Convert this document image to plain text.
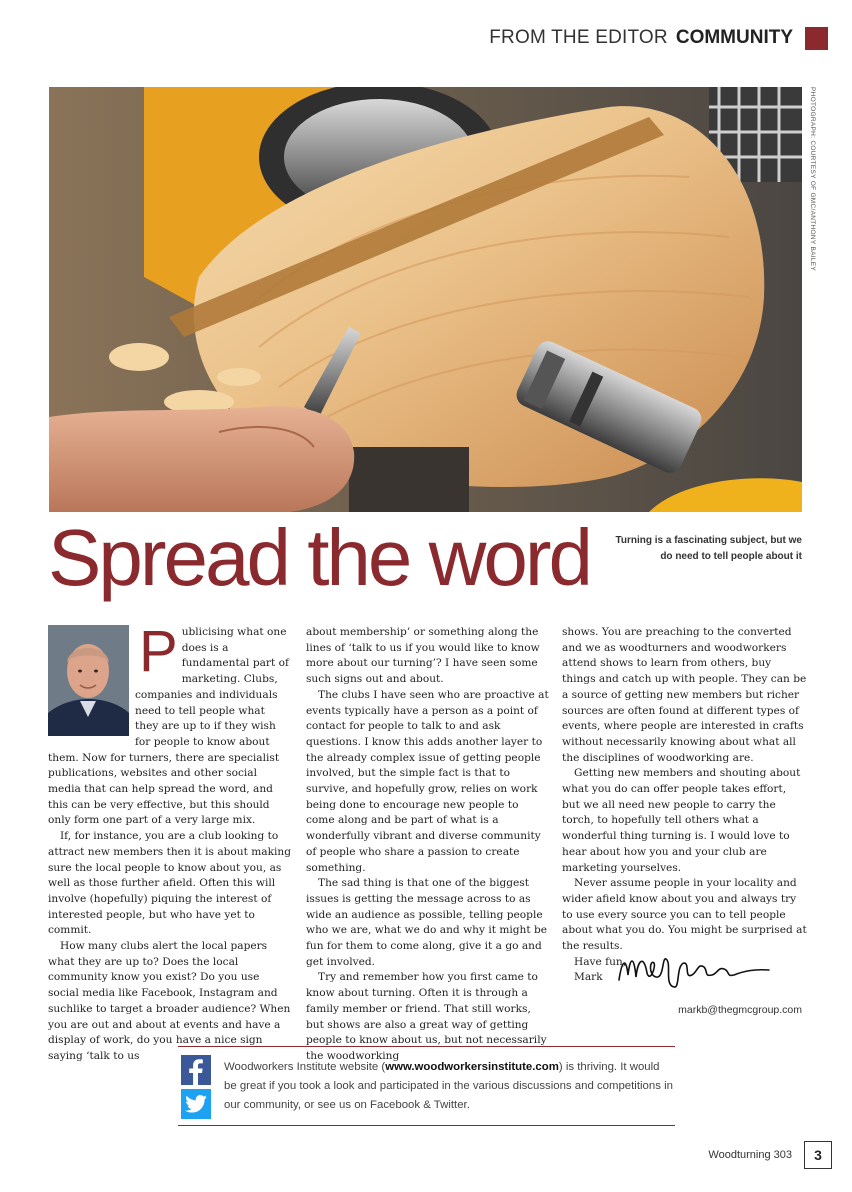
FROM THE EDITOR COMMUNITY
PHOTOGRAPH: COURTESY OF GMC/ANTHONY BAILEY
Spread the word	Turning is a fascinating subject, but we do need to tell people about it
P ublicising what one does is a fundamental part of marketing. Clubs, companies and individuals need to tell people what they are up to if they wish for people to know about them. Now for turners, there are specialist publications, websites and other social media that can help spread the word, and this can be very effective, but this should only form one part of a very large mix.

If, for instance, you are a club looking to attract new members then it is about making sure the local people to know about you, as well as those further afield. Often this will involve (hopefully) piquing the interest of interested people, but who have yet to commit.

How many clubs alert the local papers what they are up to? Does the local community know you exist? Do you use social media like Facebook, Instagram and suchlike to target a broader audience? When you are out and about at events and have a display of work, do you have a nice sign saying ‘talk to us

about membership’ or something along the lines of ‘talk to us if you would like to know more about our turning’? I have seen some such signs out and about.

The clubs I have seen who are proactive at events typically have a person as a point of contact for people to talk to and ask questions. I know this adds another layer to the already complex issue of getting people involved, but the simple fact is that to survive, and hopefully grow, relies on work being done to encourage new people to come along and be part of what is a wonderfully vibrant and diverse community of people who share a passion to create something.

The sad thing is that one of the biggest issues is getting the message across to as wide an audience as possible, telling people who we are, what we do and why it might be fun for them to come along, give it a go and get involved.

Try and remember how you first came to know about turning. Often it is through a family member or friend. That still works, but shows are also a great way of getting people to know about us, but not necessarily the woodworking

shows. You are preaching to the converted and we as woodturners and woodworkers attend shows to learn from others, buy things and catch up with people. They can be a source of getting new members but richer sources are often found at different types of events, where people are interested in crafts without necessarily knowing about what all the disciplines of woodworking are.

Getting new members and shouting about what you do can offer people takes effort, but we all need new people to carry the torch, to hopefully tell others what a wonderful thing turning is. I would love to hear about how you and your club are marketing yourselves.

Never assume people in your locality and wider afield know about you and always try to use every source you can to tell people about what you do. You might be surprised at the results.

Have fun,

Mark

markb@thegmcgroup.com
Woodworkers Institute website (www.woodworkersinstitute.com) is thriving. It would be great if you took a look and participated in the various discussions and competitions in our community, or see us on Facebook & Twitter.
Woodturning 303	3
